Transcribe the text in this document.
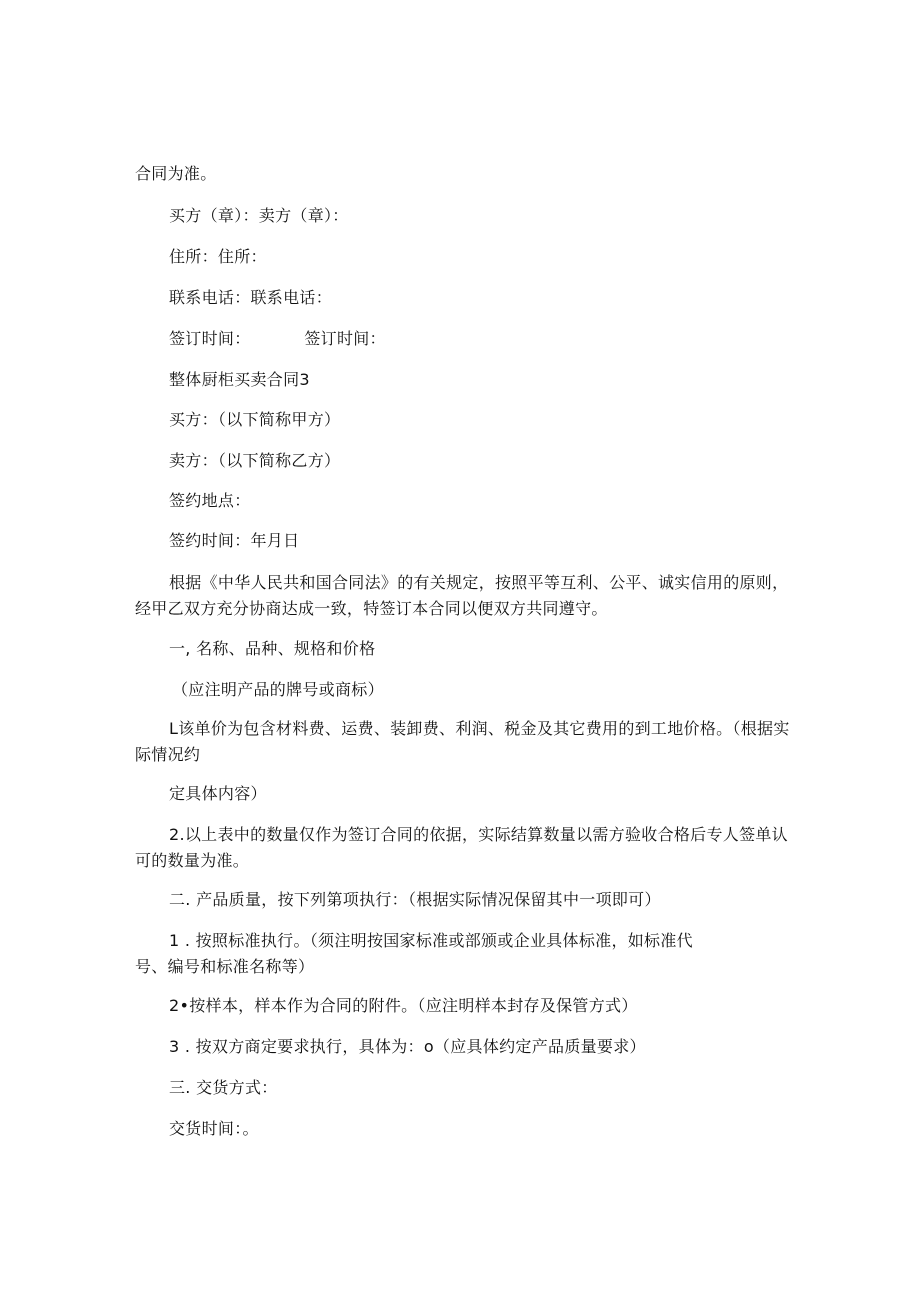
合同为准。
买方（章）：卖方（章）：
住所：住所：
联系电话：联系电话：
签订时间：          签订时间：
整体厨柜买卖合同3
买方：（以下简称甲方）
卖方：（以下简称乙方）
签约地点：
签约时间：年月日
根据《中华人民共和国合同法》的有关规定，按照平等互利、公平、诚实信用的原则，经甲乙双方充分协商达成一致，特签订本合同以便双方共同遵守。
一, 名称、品种、规格和价格
（应注明产品的牌号或商标）
L该单价为包含材料费、运费、装卸费、利润、税金及其它费用的到工地价格。（根据实际情况约
定具体内容）
2.以上表中的数量仅作为签订合同的依据，实际结算数量以需方验收合格后专人签单认可的数量为准。
二. 产品质量，按下列第项执行：（根据实际情况保留其中一项即可）
1 . 按照标准执行。（须注明按国家标准或部颁或企业具体标准，如标准代号、编号和标准名称等）
2•按样本，样本作为合同的附件。（应注明样本封存及保管方式）
3 . 按双方商定要求执行，具体为：o（应具体约定产品质量要求）
三. 交货方式：
交货时间：。
